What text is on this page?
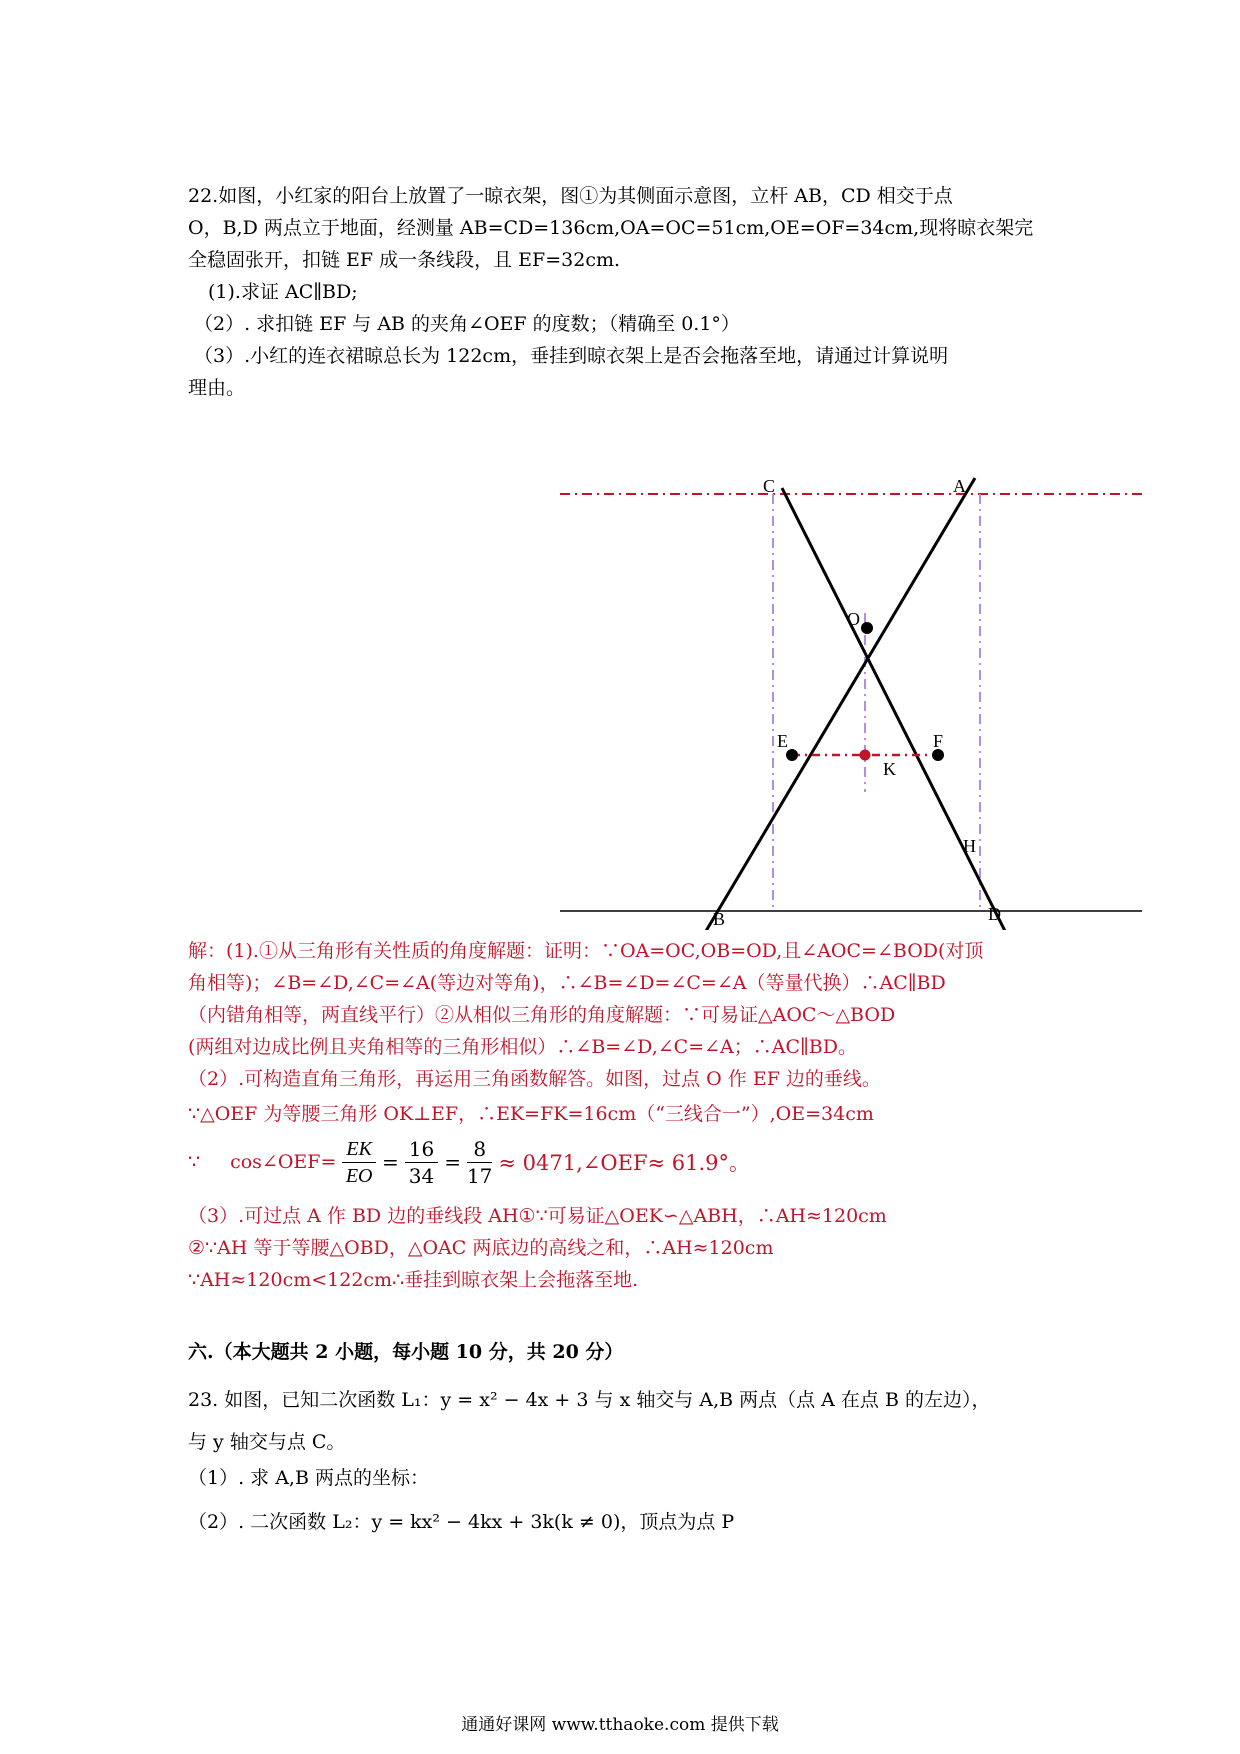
22.如图，小红家的阳台上放置了一晾衣架，图①为其侧面示意图，立杆 AB，CD 相交于点

O，B,D 两点立于地面，经测量 AB=CD=136cm,OA=OC=51cm,OE=OF=34cm,现将晾衣架完

全稳固张开，扣链 EF 成一条线段，且 EF=32cm.

(1).求证 AC∥BD;

（2）. 求扣链 EF 与 AB 的夹角∠OEF 的度数；（精确至 0.1°）

（3）.小红的连衣裙晾总长为 122cm，垂挂到晾衣架上是否会拖落至地，请通过计算说明

理由。

C	A
O
E	F
K
H
B	D

解：(1).①从三角形有关性质的角度解题：证明：∵OA=OC,OB=OD,且∠AOC=∠BOD(对顶

角相等)；∠B=∠D,∠C=∠A(等边对等角)，∴∠B=∠D=∠C=∠A（等量代换）∴AC∥BD

（内错角相等，两直线平行）②从相似三角形的角度解题：∵可易证△AOC～△BOD

(两组对边成比例且夹角相等的三角形相似）∴∠B=∠D,∠C=∠A；∴AC∥BD。

（2）.可构造直角三角形，再运用三角函数解答。如图，过点 O 作 EF 边的垂线。

∵△OEF 为等腰三角形 OK⊥EF，∴EK=FK=16cm（“三线合一”）,OE=34cm

∵ cos∠OEF= $\frac{EK}{EO} = \frac{16}{34} = \frac{8}{17}$ ≈ 0471,∠OEF≈ 61.9°。

（3）.可过点 A 作 BD 边的垂线段 AH①∵可易证△OEK∽△ABH，∴AH≈120cm

②∵AH 等于等腰△OBD，△OAC 两底边的高线之和，∴AH≈120cm

∵AH≈120cm<122cm∴垂挂到晾衣架上会拖落至地.

六.（本大题共 2 小题，每小题 10 分，共 20 分）

23. 如图，已知二次函数 L₁：y = x² − 4x + 3 与 x 轴交与 A,B 两点（点 A 在点 B 的左边），

与 y 轴交与点 C。

（1）. 求 A,B 两点的坐标：

（2）. 二次函数 L₂：y = kx² − 4kx + 3k(k ≠ 0)，顶点为点 P

通通好课网 www.tthaoke.com 提供下载
